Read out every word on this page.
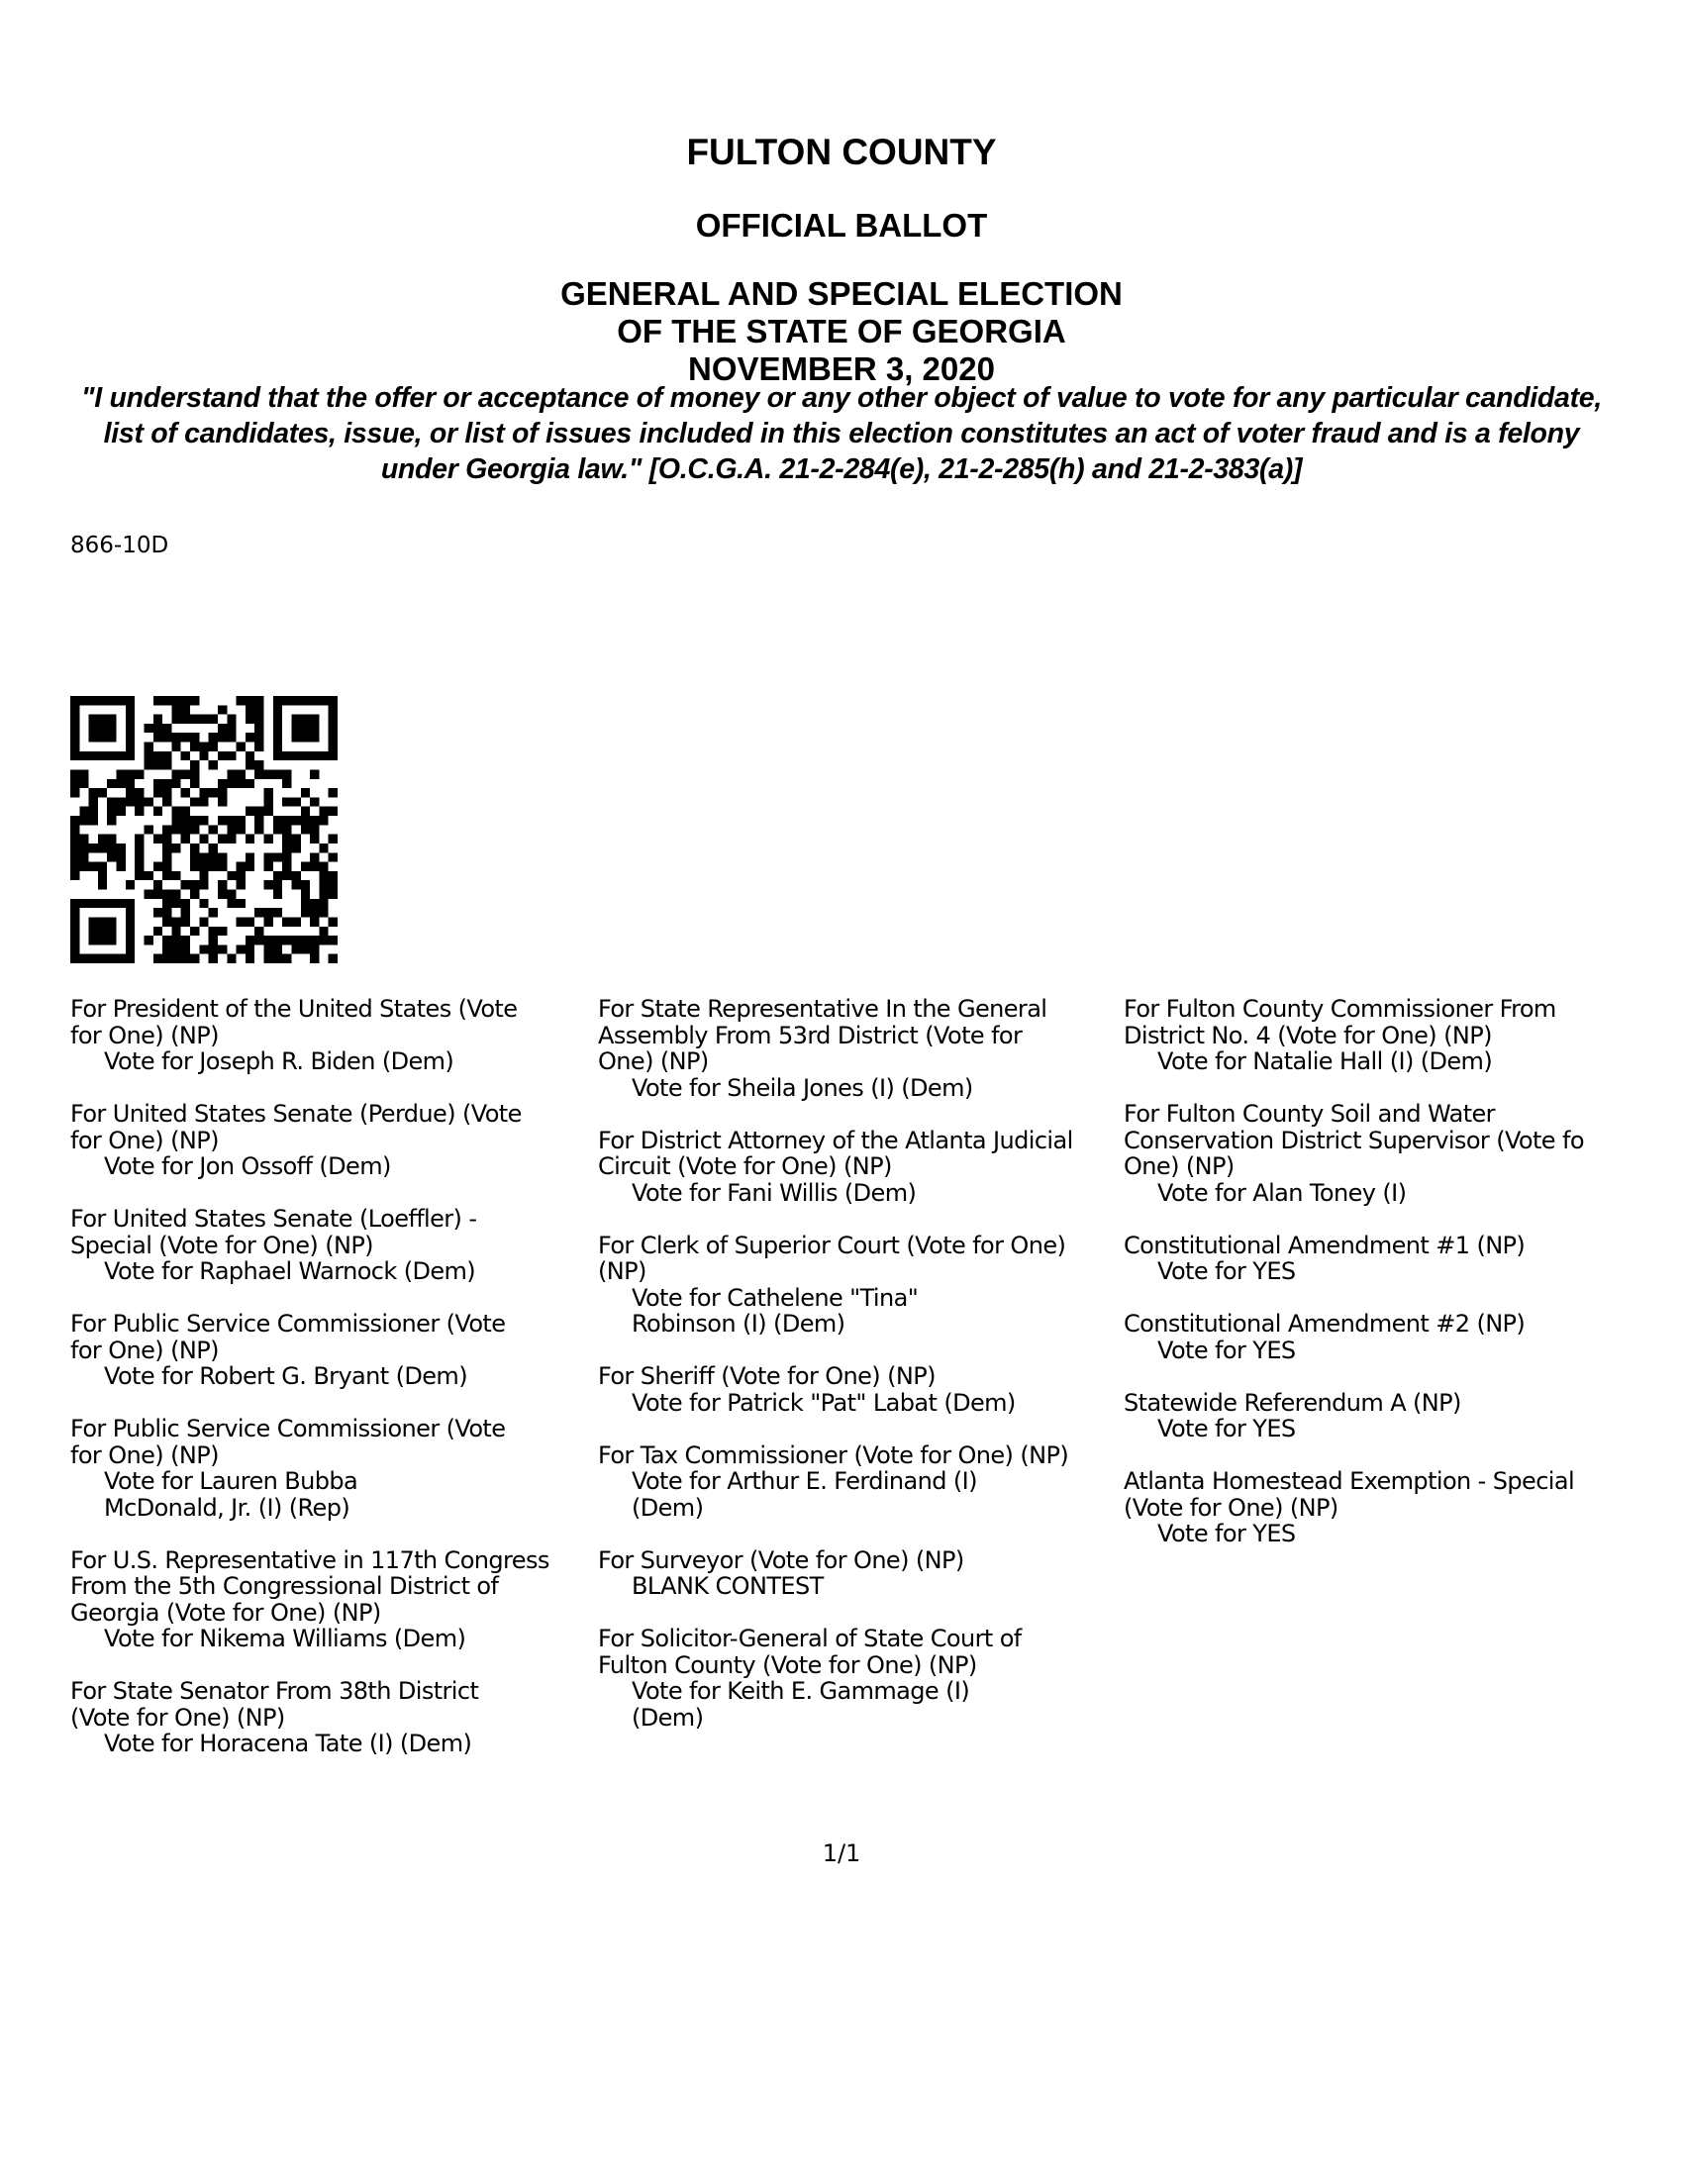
FULTON COUNTY
OFFICIAL BALLOT
GENERAL AND SPECIAL ELECTION
OF THE STATE OF GEORGIA
NOVEMBER 3, 2020
"I understand that the offer or acceptance of money or any other object of value to vote for any particular candidate,
list of candidates, issue, or list of issues included in this election constitutes an act of voter fraud and is a felony
under Georgia law." [O.C.G.A. 21-2-284(e), 21-2-285(h) and 21-2-383(a)]
866-10D
For President of the United States (Vote
for One) (NP)
Vote for Joseph R. Biden (Dem)
For United States Senate (Perdue) (Vote
for One) (NP)
Vote for Jon Ossoff (Dem)
For United States Senate (Loeffler) -
Special (Vote for One) (NP)
Vote for Raphael Warnock (Dem)
For Public Service Commissioner (Vote
for One) (NP)
Vote for Robert G. Bryant (Dem)
For Public Service Commissioner (Vote
for One) (NP)
Vote for Lauren Bubba
McDonald, Jr. (I) (Rep)
For U.S. Representative in 117th Congress
From the 5th Congressional District of
Georgia (Vote for One) (NP)
Vote for Nikema Williams (Dem)
For State Senator From 38th District
(Vote for One) (NP)
Vote for Horacena Tate (I) (Dem)
For State Representative In the General
Assembly From 53rd District (Vote for
One) (NP)
Vote for Sheila Jones (I) (Dem)
For District Attorney of the Atlanta Judicial
Circuit (Vote for One) (NP)
Vote for Fani Willis (Dem)
For Clerk of Superior Court (Vote for One)
(NP)
Vote for Cathelene "Tina"
Robinson (I) (Dem)
For Sheriff (Vote for One) (NP)
Vote for Patrick "Pat" Labat (Dem)
For Tax Commissioner (Vote for One) (NP)
Vote for Arthur E. Ferdinand (I)
(Dem)
For Surveyor (Vote for One) (NP)
BLANK CONTEST
For Solicitor-General of State Court of
Fulton County (Vote for One) (NP)
Vote for Keith E. Gammage (I)
(Dem)
For Fulton County Commissioner From
District No. 4 (Vote for One) (NP)
Vote for Natalie Hall (I) (Dem)
For Fulton County Soil and Water
Conservation District Supervisor (Vote fo
One) (NP)
Vote for Alan Toney (I)
Constitutional Amendment #1 (NP)
Vote for YES
Constitutional Amendment #2 (NP)
Vote for YES
Statewide Referendum A (NP)
Vote for YES
Atlanta Homestead Exemption - Special
(Vote for One) (NP)
Vote for YES
1/1
